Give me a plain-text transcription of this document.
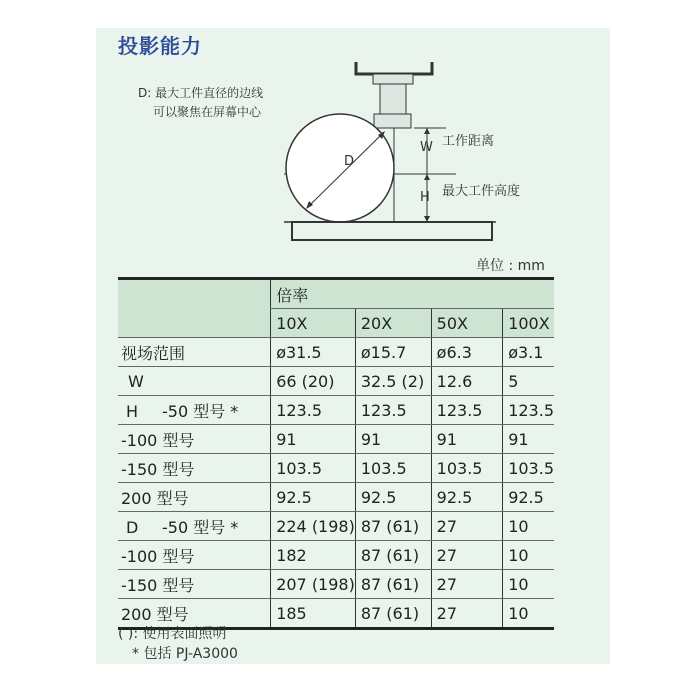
投影能力
D: 最大工件直径的边线
可以聚焦在屏幕中心
D
W
H
工作距离
最大工件高度
单位 : mm
	倍率			
	10X	20X	50X	100X
视场范围	ø31.5	ø15.7	ø6.3	ø3.1
W	66 (20)	32.5 (2)	12.6	5
H -50 型号 *	123.5	123.5	123.5	123.5
-100 型号	91	91	91	91
-150 型号	103.5	103.5	103.5	103.5
200 型号	92.5	92.5	92.5	92.5
D -50 型号 *	224 (198)	87 (61)	27	10
-100 型号	182	87 (61)	27	10
-150 型号	207 (198)	87 (61)	27	10
200 型号	185	87 (61)	27	10
( ): 使用表面照明
* 包括 PJ-A3000
